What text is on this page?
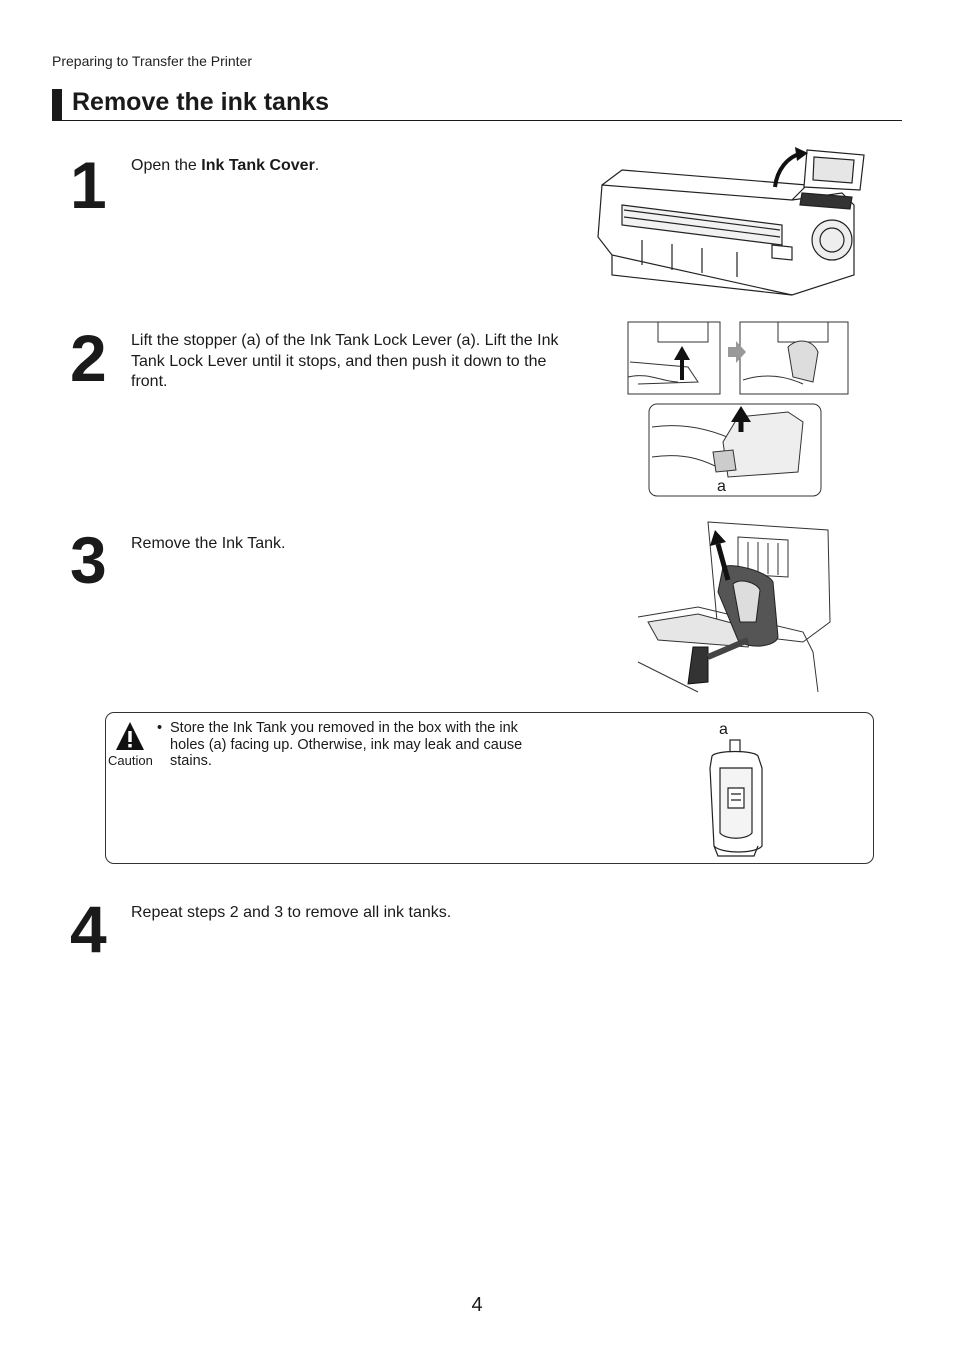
Preparing to Transfer the Printer
Remove the ink tanks
1 Open the Ink Tank Cover.
2 Lift the stopper (a) of the Ink Tank Lock Lever (a). Lift the Ink Tank Lock Lever until it stops, and then push it down to the front.
a
3 Remove the Ink Tank.
Caution
• Store the Ink Tank you removed in the box with the ink holes (a) facing up. Otherwise, ink may leak and cause stains.
a
4 Repeat steps 2 and 3 to remove all ink tanks.
4
